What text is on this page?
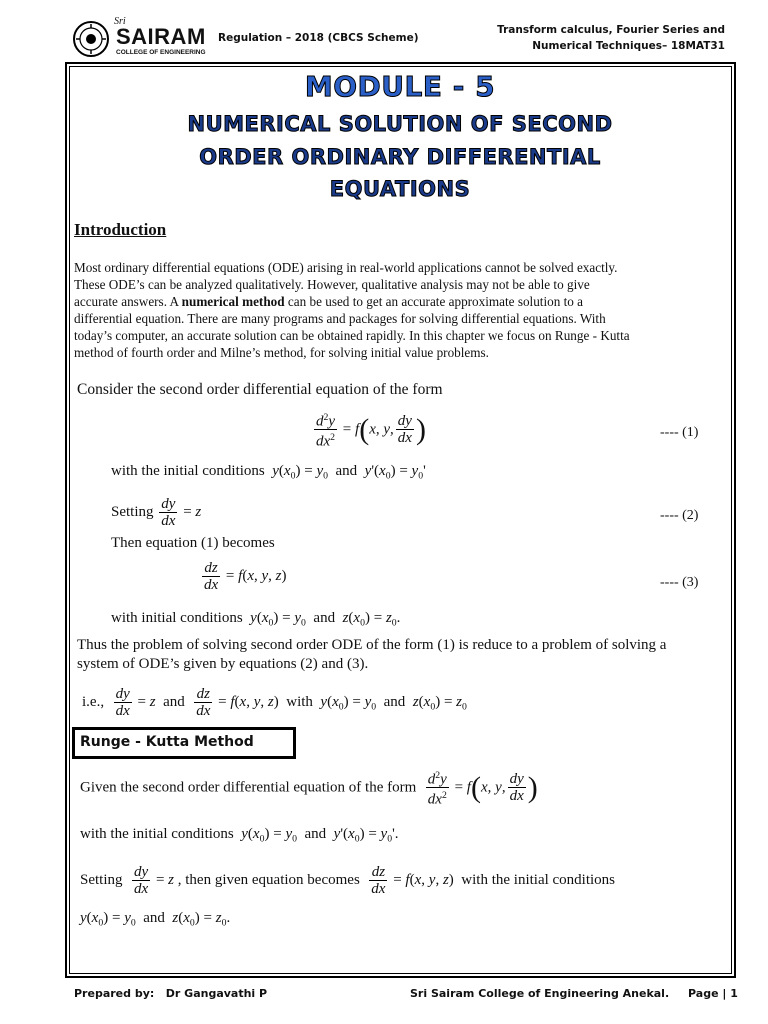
Sri
SAIRAM
COLLEGE OF ENGINEERING
Regulation – 2018 (CBCS Scheme)
Transform calculus, Fourier Series and
Numerical Techniques– 18MAT31
MODULE - 5
NUMERICAL SOLUTION OF SECOND
ORDER ORDINARY DIFFERENTIAL
EQUATIONS
Introduction
Most ordinary differential equations (ODE) arising in real-world applications cannot be solved exactly.
These ODE’s can be analyzed qualitatively. However, qualitative analysis may not be able to give
accurate answers. A numerical method can be used to get an accurate approximate solution to a
differential equation. There are many programs and packages for solving differential equations. With
today’s computer, an accurate solution can be obtained rapidly. In this chapter we focus on Runge - Kutta
method of fourth order and Milne’s method, for solving initial value problems.
Consider the second order differential equation of the form
$\frac{d^2y}{dx^2} = f(x$, y, $\frac{dy}{dx}$ )	---- (1)
with the initial conditions $y(x_0) = y_0$ and $y'(x_0) = y_0'$
Setting $\frac{dy}{dx} = z$	---- (2)
Then equation (1) becomes
$\frac{dz}{dx} = f(x$, y, z)	---- (3)
with initial conditions $y(x_0) = y_0$ and $z(x_0) = z_0$.
Thus the problem of solving second order ODE of the form (1) is reduce to a problem of solving a
system of ODE’s given by equations (2) and (3).
i.e., $\frac{dy}{dx} = z$ and $\frac{dz}{dx} = f(x$, y, z)  with $y(x_0) = y_0$ and $z(x_0) = z_0$
Runge - Kutta Method
Given the second order differential equation of the form $\frac{d^2y}{dx^2} = f(x$, y, $\frac{dy}{dx}$ )
with the initial conditions $y(x_0) = y_0$ and $y'(x_0) = y_0'$.
Setting $\frac{dy}{dx} = z$ , then given equation becomes $\frac{dz}{dx} = f(x$, y, z)  with the initial conditions
$y(x_0) = y_0$ and $z(x_0) = z_0$.
Prepared by: Dr Gangavathi P	Sri Sairam College of Engineering Anekal. Page | 1
